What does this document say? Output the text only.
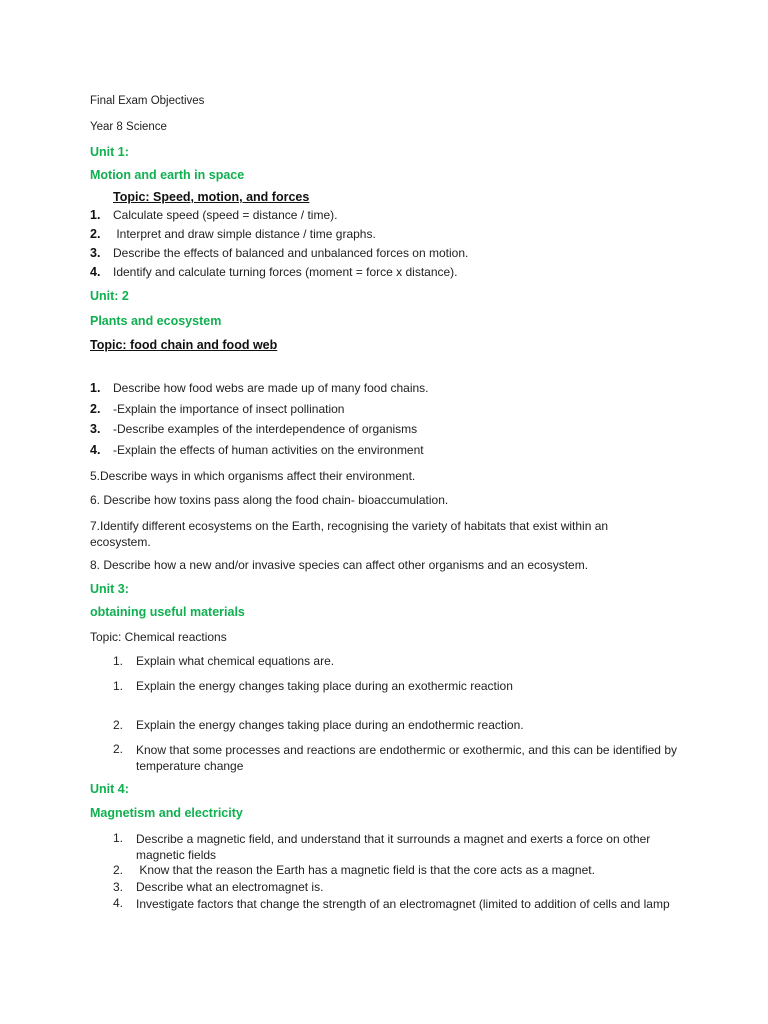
Final Exam Objectives
Year 8 Science
Unit 1:
Motion and earth in space
Topic: Speed, motion, and forces
1. Calculate speed (speed = distance / time).
2. Interpret and draw simple distance / time graphs.
3. Describe the effects of balanced and unbalanced forces on motion.
4. Identify and calculate turning forces (moment = force x distance).
Unit: 2
Plants and ecosystem
Topic: food chain and food web
1. Describe how food webs are made up of many food chains.
2. -Explain the importance of insect pollination
3. -Describe examples of the interdependence of organisms
4. -Explain the effects of human activities on the environment
5.Describe ways in which organisms affect their environment.
6. Describe how toxins pass along the food chain- bioaccumulation.
7.Identify different ecosystems on the Earth, recognising the variety of habitats that exist within an ecosystem.
8. Describe how a new and/or invasive species can affect other organisms and an ecosystem.
Unit 3:
obtaining useful materials
Topic: Chemical reactions
1. Explain what chemical equations are.
1. Explain the energy changes taking place during an exothermic reaction
2. Explain the energy changes taking place during an endothermic reaction.
2. Know that some processes and reactions are endothermic or exothermic, and this can be identified by temperature change
Unit 4:
Magnetism and electricity
1. Describe a magnetic field, and understand that it surrounds a magnet and exerts a force on other magnetic fields
2. Know that the reason the Earth has a magnetic field is that the core acts as a magnet.
3. Describe what an electromagnet is.
4. Investigate factors that change the strength of an electromagnet (limited to addition of cells and lamp
